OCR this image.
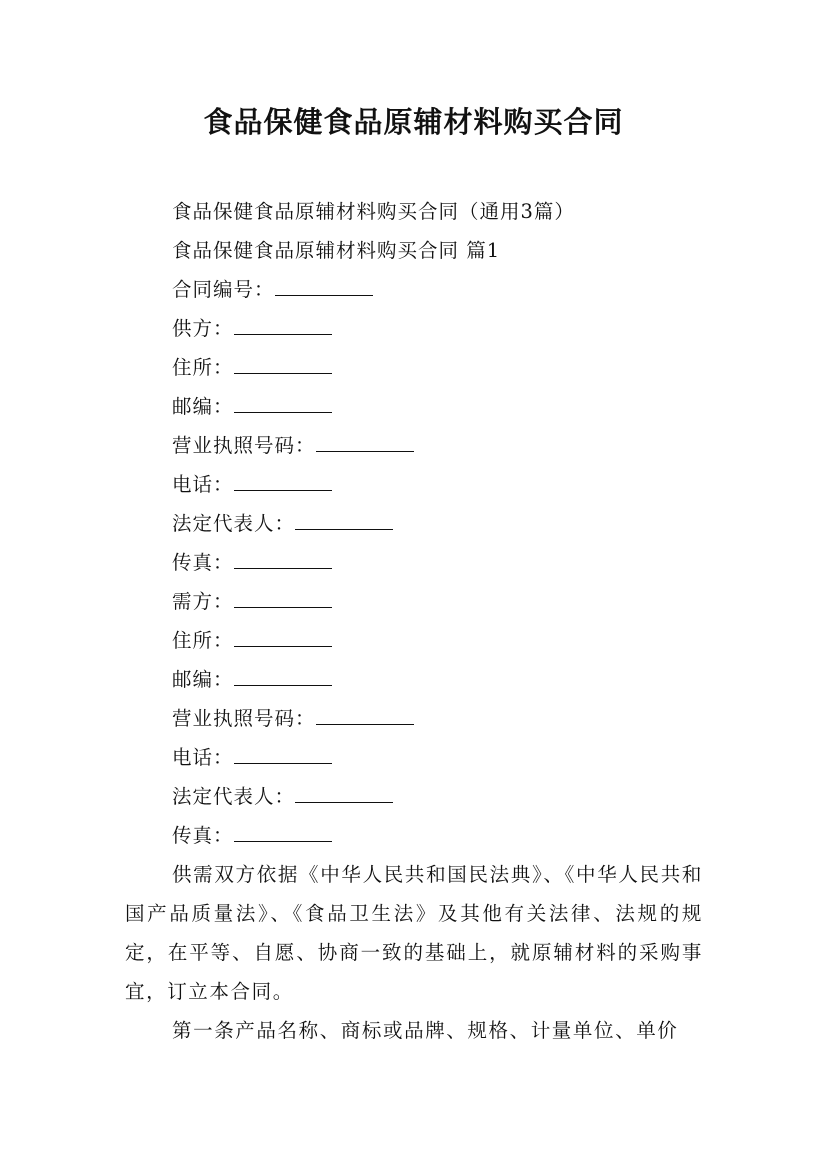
食品保健食品原辅材料购买合同
食品保健食品原辅材料购买合同（通用3篇）
食品保健食品原辅材料购买合同 篇1
合同编号：
供方：
住所：
邮编：
营业执照号码：
电话：
法定代表人：
传真：
需方：
住所：
邮编：
营业执照号码：
电话：
法定代表人：
传真：

供需双方依据《中华人民共和国民法典》、《中华人民共和国产品质量法》、《食品卫生法》及其他有关法律、法规的规定，在平等、自愿、协商一致的基础上，就原辅材料的采购事宜，订立本合同。

第一条产品名称、商标或品牌、规格、计量单位、单价
